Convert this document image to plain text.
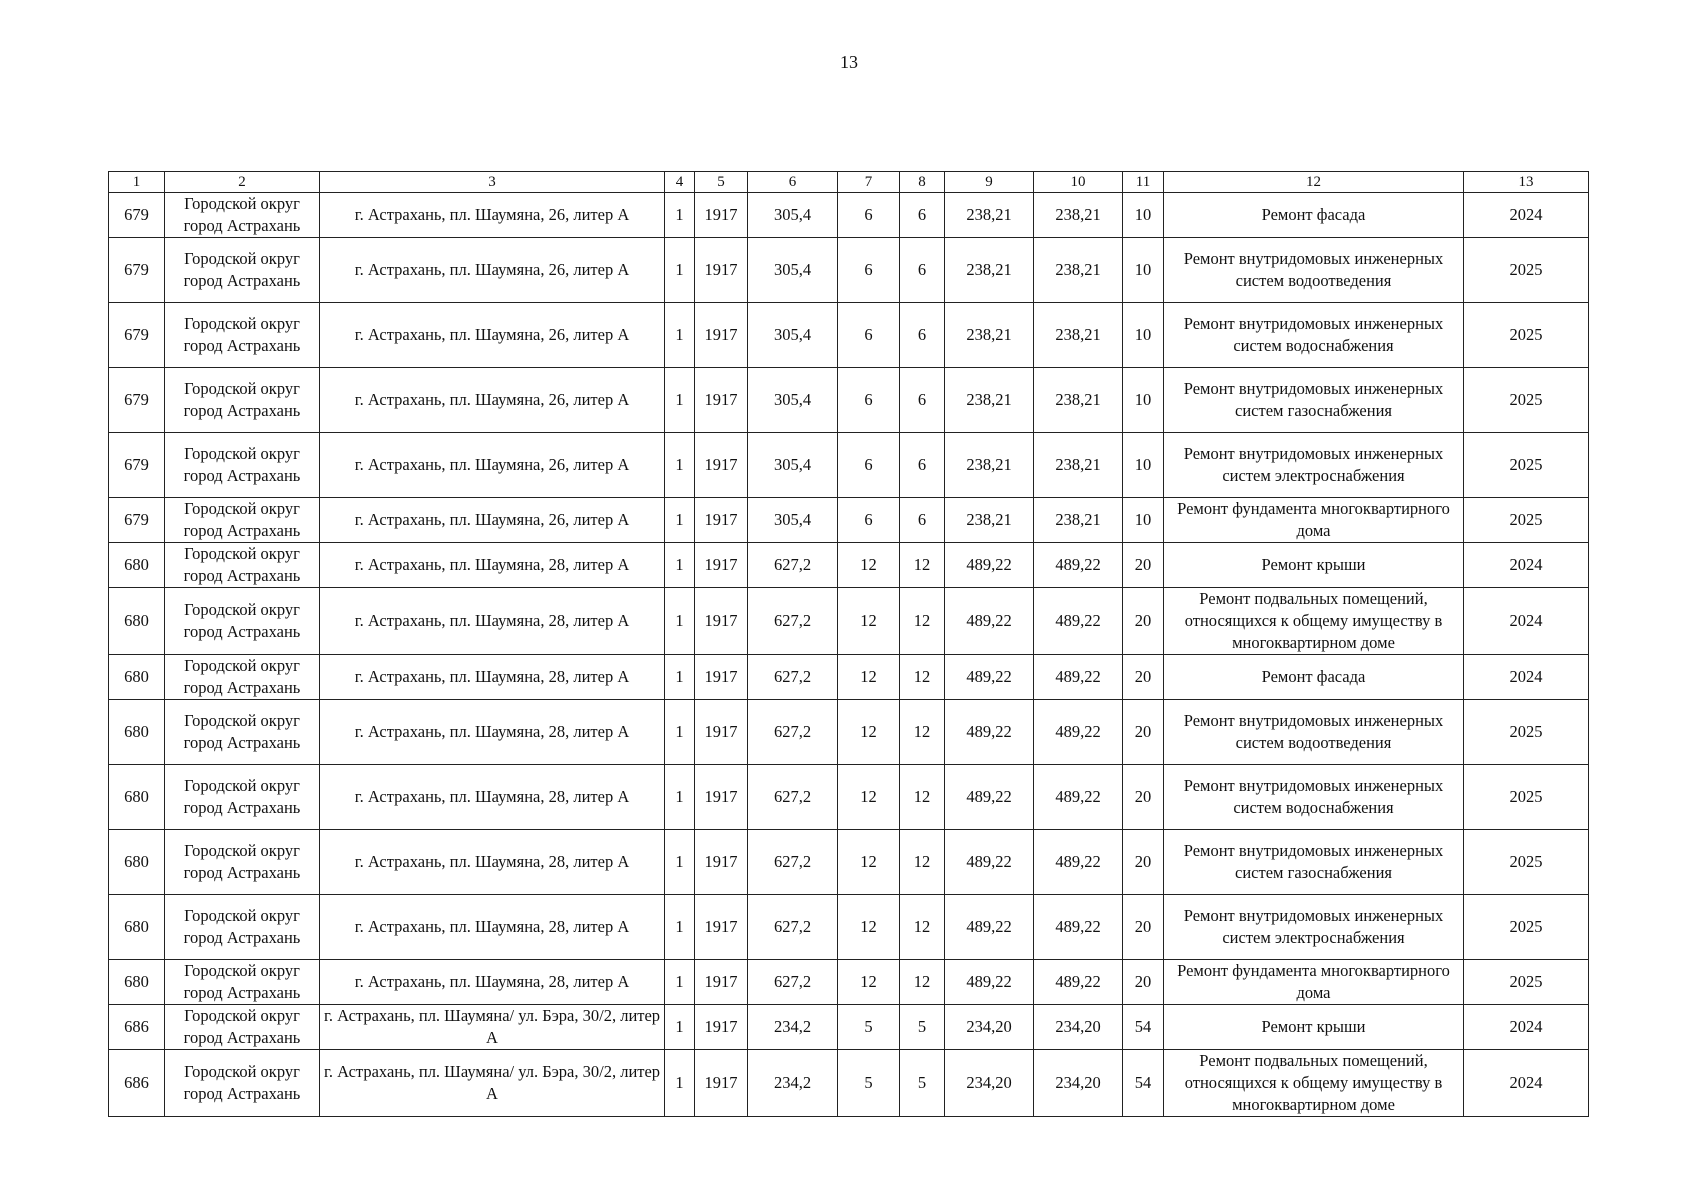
13
1	2	3	4	5	6	7	8	9	10	11	12	13
679	Городской округ город Астрахань	г. Астрахань, пл. Шаумяна, 26, литер А	1	1917	305,4	6	6	238,21	238,21	10	Ремонт фасада	2024
679	Городской округ город Астрахань	г. Астрахань, пл. Шаумяна, 26, литер А	1	1917	305,4	6	6	238,21	238,21	10	Ремонт внутридомовых инженерных систем водоотведения	2025
679	Городской округ город Астрахань	г. Астрахань, пл. Шаумяна, 26, литер А	1	1917	305,4	6	6	238,21	238,21	10	Ремонт внутридомовых инженерных систем водоснабжения	2025
679	Городской округ город Астрахань	г. Астрахань, пл. Шаумяна, 26, литер А	1	1917	305,4	6	6	238,21	238,21	10	Ремонт внутридомовых инженерных систем газоснабжения	2025
679	Городской округ город Астрахань	г. Астрахань, пл. Шаумяна, 26, литер А	1	1917	305,4	6	6	238,21	238,21	10	Ремонт внутридомовых инженерных систем электроснабжения	2025
679	Городской округ город Астрахань	г. Астрахань, пл. Шаумяна, 26, литер А	1	1917	305,4	6	6	238,21	238,21	10	Ремонт фундамента многоквартирного дома	2025
680	Городской округ город Астрахань	г. Астрахань, пл. Шаумяна, 28, литер А	1	1917	627,2	12	12	489,22	489,22	20	Ремонт крыши	2024
680	Городской округ город Астрахань	г. Астрахань, пл. Шаумяна, 28, литер А	1	1917	627,2	12	12	489,22	489,22	20	Ремонт подвальных помещений, относящихся к общему имуществу в многоквартирном доме	2024
680	Городской округ город Астрахань	г. Астрахань, пл. Шаумяна, 28, литер А	1	1917	627,2	12	12	489,22	489,22	20	Ремонт фасада	2024
680	Городской округ город Астрахань	г. Астрахань, пл. Шаумяна, 28, литер А	1	1917	627,2	12	12	489,22	489,22	20	Ремонт внутридомовых инженерных систем водоотведения	2025
680	Городской округ город Астрахань	г. Астрахань, пл. Шаумяна, 28, литер А	1	1917	627,2	12	12	489,22	489,22	20	Ремонт внутридомовых инженерных систем водоснабжения	2025
680	Городской округ город Астрахань	г. Астрахань, пл. Шаумяна, 28, литер А	1	1917	627,2	12	12	489,22	489,22	20	Ремонт внутридомовых инженерных систем газоснабжения	2025
680	Городской округ город Астрахань	г. Астрахань, пл. Шаумяна, 28, литер А	1	1917	627,2	12	12	489,22	489,22	20	Ремонт внутридомовых инженерных систем электроснабжения	2025
680	Городской округ город Астрахань	г. Астрахань, пл. Шаумяна, 28, литер А	1	1917	627,2	12	12	489,22	489,22	20	Ремонт фундамента многоквартирного дома	2025
686	Городской округ город Астрахань	г. Астрахань, пл. Шаумяна/ ул. Бэра, 30/2, литер А	1	1917	234,2	5	5	234,20	234,20	54	Ремонт крыши	2024
686	Городской округ город Астрахань	г. Астрахань, пл. Шаумяна/ ул. Бэра, 30/2, литер А	1	1917	234,2	5	5	234,20	234,20	54	Ремонт подвальных помещений, относящихся к общему имуществу в многоквартирном доме	2024
